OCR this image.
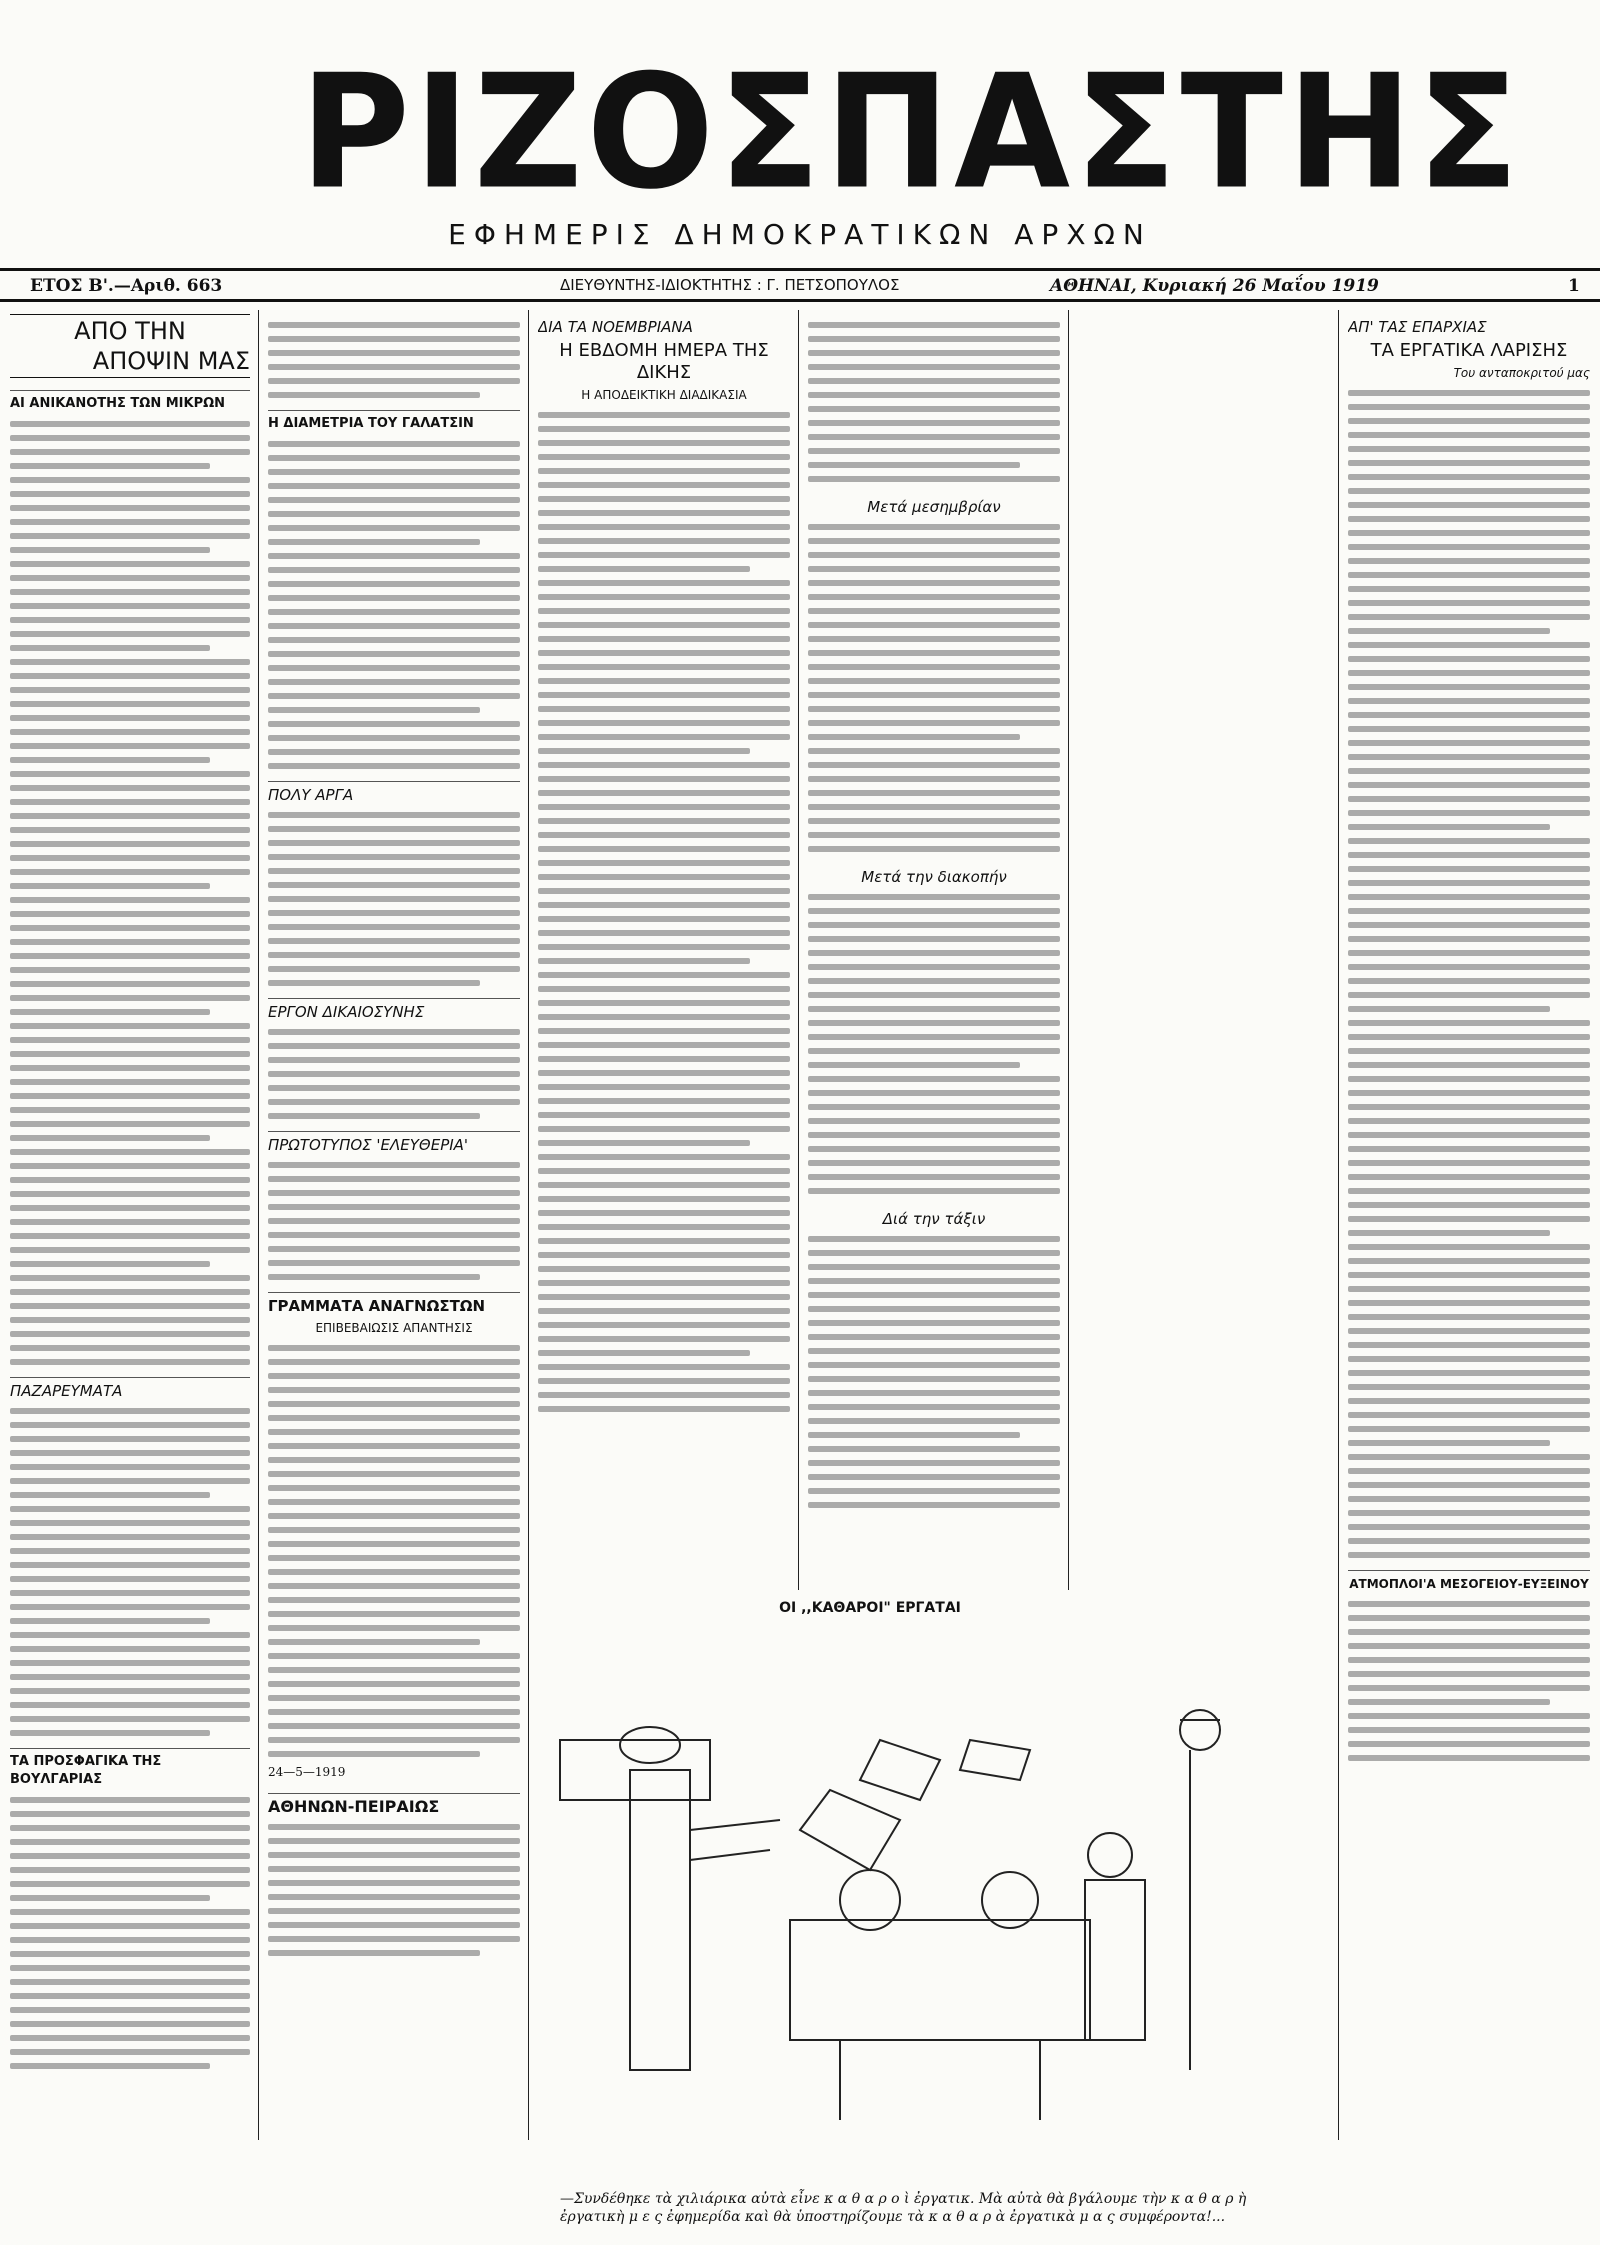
ΡΙΖΟΣΠΑΣΤΗΣ
ΕΦΗΜΕΡΙΣ ΔΗΜΟΚΡΑΤΙΚΩΝ ΑΡΧΩΝ
ΕΤΟΣ Β'.—Αριθ. 663	ΔΙΕΥΘΥΝΤΗΣ-ΙΔΙΟΚΤΗΤΗΣ : Γ. ΠΕΤΣΟΠΟΥΛΟΣ	ΑΘΗΝΑΙ, Κυριακή 26 Μαΐου 1919	1
ΑΠΟ ΤΗΝ
ΑΠΟΨΙΝ ΜΑΣ
ΑΙ ΑΝΙΚΑΝΟΤΗΣ ΤΩΝ ΜΙΚΡΩΝ
ΠΑΖΑΡΕΥΜΑΤΑ
ΤΑ ΠΡΟΣΦΑΓΙΚΑ ΤΗΣ ΒΟΥΛΓΑΡΙΑΣ
Η ΔΙΑΜΕΤΡΙΑ ΤΟΥ ΓΑΛΑΤΣΙΝ
ΠΟΛΥ ΑΡΓΑ
ΕΡΓΟΝ ΔΙΚΑΙΟΣΥΝΗΣ
ΠΡΩΤΟΤΥΠΟΣ 'ΕΛΕΥΘΕΡΙΑ'
ΓΡΑΜΜΑΤΑ ΑΝΑΓΝΩΣΤΩΝ
ΕΠΙΒΕΒΑΙΩΣΙΣ ΑΠΑΝΤΗΣΙΣ
24—5—1919
ΑΘΗΝΩΝ-ΠΕΙΡΑΙΩΣ
ΔΙΑ ΤΑ ΝΟΕΜΒΡΙΑΝΑ
Η ΕΒΔΟΜΗ ΗΜΕΡΑ ΤΗΣ ΔΙΚΗΣ
Η ΑΠΟΔΕΙΚΤΙΚΗ ΔΙΑΔΙΚΑΣΙΑ
Μετά μεσημβρίαν
Μετά την διακοπήν
Διά την τάξιν
ΑΠ' ΤΑΣ ΕΠΑΡΧΙΑΣ
ΤΑ ΕΡΓΑΤΙΚΑ ΛΑΡΙΣΗΣ
Του ανταποκριτού μας
ΑΤΜΟΠΛΟΙ'Α ΜΕΣΟΓΕΙΟΥ-ΕΥΞΕΙΝΟΥ
ΟΙ ,,ΚΑΘΑΡΟΙ" ΕΡΓΑΤΑΙ
—Συνδέθηκε τὰ χιλιάρικα αὐτὰ εἶνε κ α θ α ρ ο ὶ ἐργατικ. Μὰ αὐτὰ θὰ βγάλουμε τὴν κ α θ α ρ ὴ ἐργατικὴ μ ε ς ἐφημερίδα καὶ θὰ ὑποστηρίζουμε τὰ κ α θ α ρ ὰ ἐργατικὰ μ α ς συμφέροντα!...
